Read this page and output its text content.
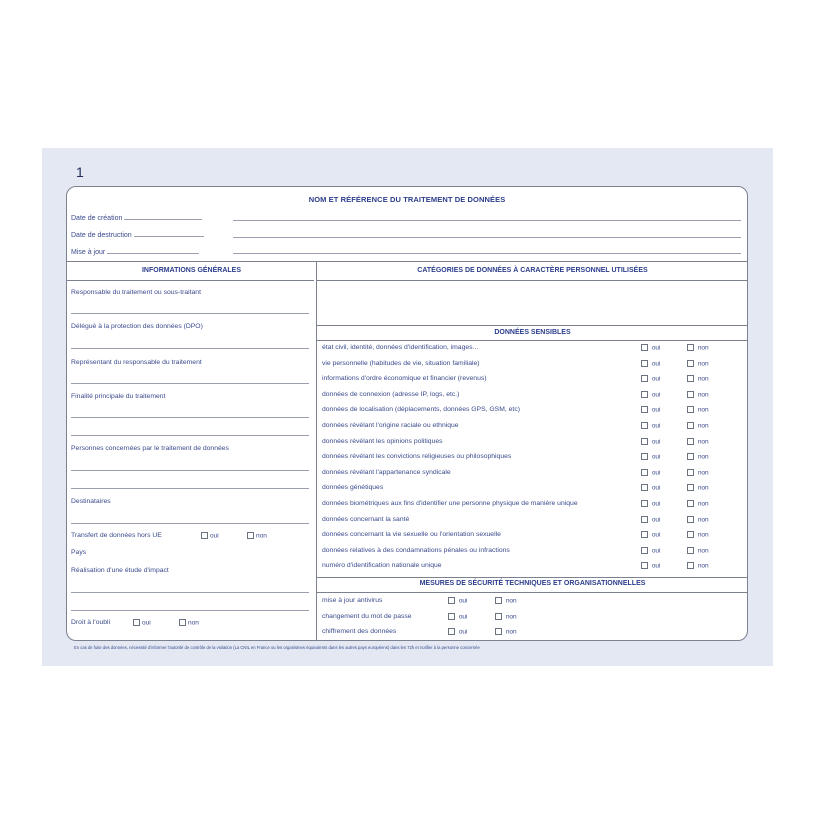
1
NOM ET RÉFÉRENCE DU TRAITEMENT DE DONNÉES
Date de création
Date de destruction
Mise à jour
INFORMATIONS GÉNÉRALES
Responsable du traitement ou sous-traitant
Délégué à la protection des données (DPO)
Représentant du responsable du traitement
Finalité principale du traitement
Personnes concernées par le traitement de données
Destinataires
Transfert de données hors UE	oui	non
Pays
Réalisation d'une étude d'impact
Droit à l'oubli	oui	non
CATÉGORIES DE DONNÉES À CARACTÈRE PERSONNEL UTILISÉES
DONNÉES SENSIBLES
état civil, identité, données d'identification, images...	oui	non
vie personnelle (habitudes de vie, situation familiale)	oui	non
informations d'ordre économique et financier (revenus)	oui	non
données de connexion (adresse IP, logs, etc.)	oui	non
données de localisation (déplacements, données GPS, GSM, etc)	oui	non
données révélant l'origine raciale ou ethnique	oui	non
données révélant les opinions politiques	oui	non
données révélant les convictions religieuses ou philosophiques	oui	non
données révélant l'appartenance syndicale	oui	non
données génétiques	oui	non
données biométriques aux fins d'identifier une personne physique de manière unique	oui	non
données concernant la santé	oui	non
données concernant la vie sexuelle ou l'orientation sexuelle	oui	non
données relatives à des condamnations pénales ou infractions	oui	non
numéro d'identification nationale unique	oui	non
MESURES DE SÉCURITÉ TECHNIQUES ET ORGANISATIONNELLES
mise à jour antivirus	oui	non
changement du mot de passe	oui	non
chiffrement des données	oui	non
En cas de fuite des données, nécessité d'informer l'autorité de contrôle de la violation (La CNIL en France ou les organismes équivalents dans les autres pays européens) dans les 72h et notifier à la personne concernée
